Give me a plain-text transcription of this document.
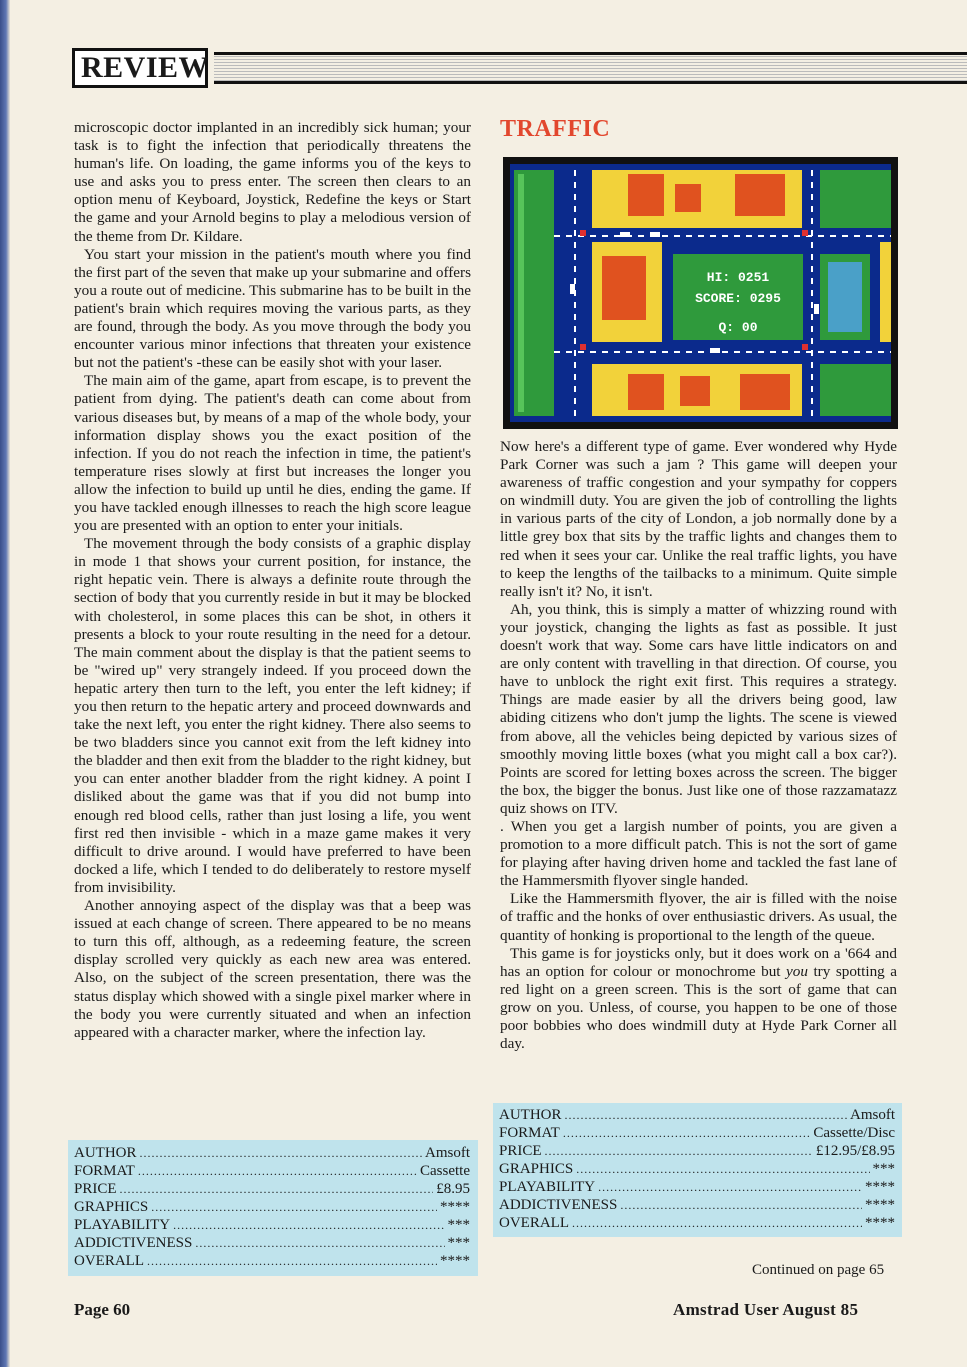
REVIEW

microscopic doctor implanted in an incredibly sick human; your task is to fight the infection that periodically threatens the human's life. On loading, the game informs you of the keys to use and asks you to press enter. The screen then clears to an option menu of Keyboard, Joystick, Redefine the keys or Start the game and your Arnold begins to play a melodious version of the theme from Dr. Kildare.

You start your mission in the patient's mouth where you find the first part of the seven that make up your submarine and offers you a route out of medicine. This submarine has to be built in the patient's brain which requires moving the various parts, as they are found, through the body. As you move through the body you encounter various minor infections that threaten your existence but not the patient's -these can be easily shot with your laser.

The main aim of the game, apart from escape, is to prevent the patient from dying. The patient's death can come about from various diseases but, by means of a map of the whole body, your information display shows you the exact position of the infection. If you do not reach the infection in time, the patient's temperature rises slowly at first but increases the longer you allow the infection to build up until he dies, ending the game. If you have tackled enough illnesses to reach the high score league you are presented with an option to enter your initials.

The movement through the body consists of a graphic display in mode 1 that shows your current position, for instance, the right hepatic vein. There is always a definite route through the section of body that you currently reside in but it may be blocked with cholesterol, in some places this can be shot, in others it presents a block to your route resulting in the need for a detour. The main comment about the display is that the patient seems to be "wired up" very strangely indeed. If you proceed down the hepatic artery then turn to the left, you enter the left kidney; if you then return to the hepatic artery and proceed downwards and take the next left, you enter the right kidney. There also seems to be two bladders since you cannot exit from the left kidney into the bladder and then exit from the bladder to the right kidney, but you can enter another bladder from the right kidney. A point I disliked about the game was that if you did not bump into enough red blood cells, rather than just losing a life, you went first red then invisible - which in a maze game makes it very difficult to drive around. I would have preferred to have been docked a life, which I tended to do deliberately to restore myself from invisibility.

Another annoying aspect of the display was that a beep was issued at each change of screen. There appeared to be no means to turn this off, although, as a redeeming feature, the screen display scrolled very quickly as each new area was entered. Also, on the subject of the screen presentation, there was the status display which showed with a single pixel marker where in the body you were currently situated and when an infection appeared with a character marker, where the infection lay.

AUTHOR .....	Amsoft
FORMAT .....	Cassette
PRICE .....	£8.95
GRAPHICS .....	****
PLAYABILITY .....	***
ADDICTIVENESS .....	***
OVERALL .....	****
TRAFFIC
HI: 0251
SCORE: 0295
Q: 00

Now here's a different type of game. Ever wondered why Hyde Park Corner was such a jam ? This game will deepen your awareness of traffic congestion and your sympathy for coppers on windmill duty. You are given the job of controlling the lights in various parts of the city of London, a job normally done by a little grey box that sits by the traffic lights and changes them to red when it sees your car. Unlike the real traffic lights, you have to keep the lengths of the tailbacks to a minimum. Quite simple really isn't it? No, it isn't.

Ah, you think, this is simply a matter of whizzing round with your joystick, changing the lights as fast as possible. It just doesn't work that way. Some cars have little indicators on and are only content with travelling in that direction. Of course, you have to unblock the right exit first. This requires a strategy. Things are made easier by all the drivers being good, law abiding citizens who don't jump the lights. The scene is viewed from above, all the vehicles being depicted by various sizes of smoothly moving little boxes (what you might call a box car?). Points are scored for letting boxes across the screen. The bigger the box, the bigger the bonus. Just like one of those razzamatazz quiz shows on ITV.

. When you get a largish number of points, you are given a promotion to a more difficult patch. This is not the sort of game for playing after having driven home and tackled the fast lane of the Hammersmith flyover single handed.

Like the Hammersmith flyover, the air is filled with the noise of traffic and the honks of over enthusiastic drivers. As usual, the quantity of honking is proportional to the length of the queue.

This game is for joysticks only, but it does work on a '664 and has an option for colour or monochrome but you try spotting a red light on a green screen. This is the sort of game that can grow on you. Unless, of course, you happen to be one of those poor bobbies who does windmill duty at Hyde Park Corner all day.

AUTHOR .....	Amsoft
FORMAT .....	Cassette/Disc
PRICE .....	£12.95/£8.95
GRAPHICS .....	***
PLAYABILITY .....	****
ADDICTIVENESS .....	****
OVERALL .....	****
Continued on page 65
Page 60	Amstrad User August 85
